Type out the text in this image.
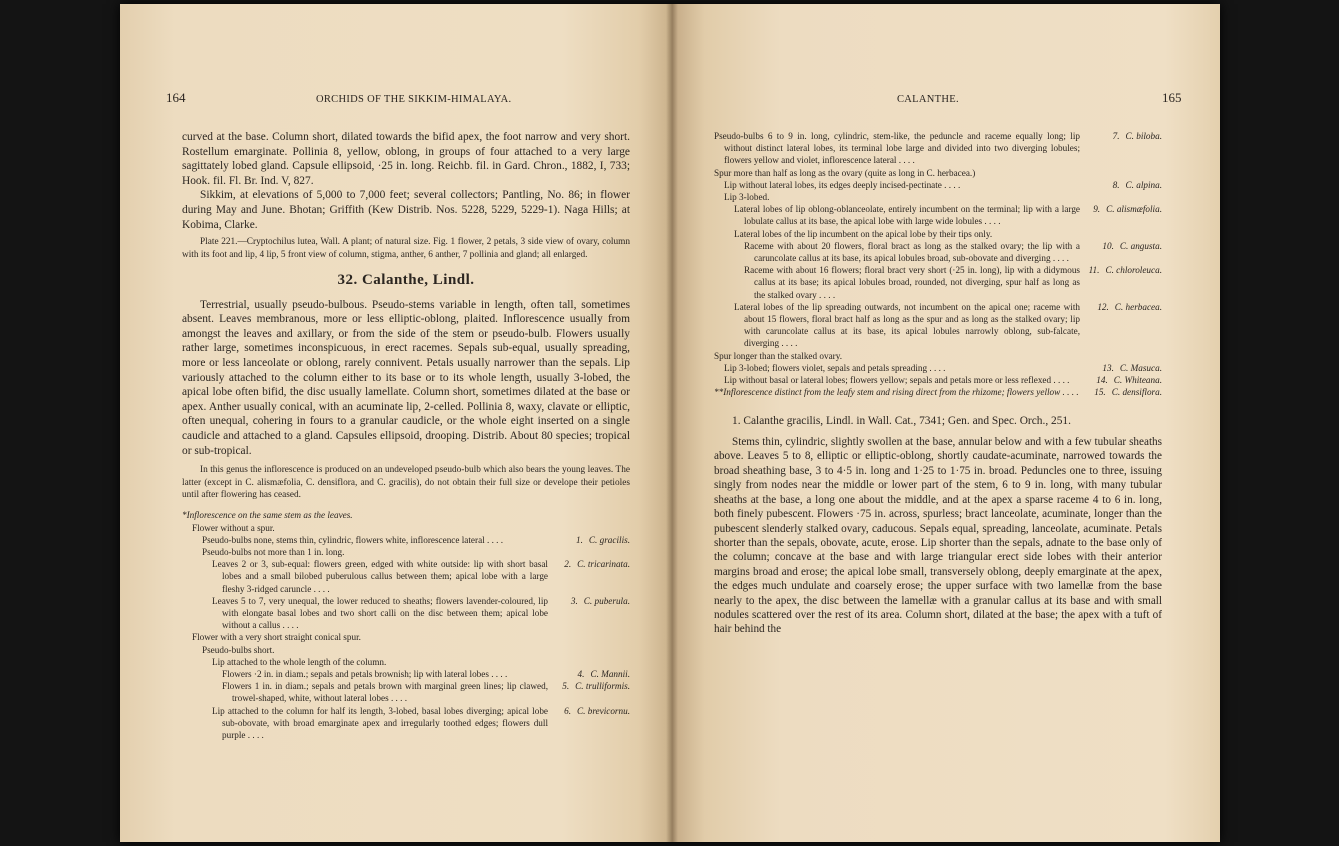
164	ORCHIDS OF THE SIKKIM-HIMALAYA.

curved at the base. Column short, dilated towards the bifid apex, the foot narrow and very short. Rostellum emarginate. Pollinia 8, yellow, oblong, in groups of four attached to a very large sagittately lobed gland. Capsule ellipsoid, ·25 in. long. Reichb. fil. in Gard. Chron., 1882, I, 733; Hook. fil. Fl. Br. Ind. V, 827.

Sikkim, at elevations of 5,000 to 7,000 feet; several collectors; Pantling, No. 86; in flower during May and June. Bhotan; Griffith (Kew Distrib. Nos. 5228, 5229, 5229-1). Naga Hills; at Kobima, Clarke.

Plate 221.—Cryptochilus lutea, Wall. A plant; of natural size. Fig. 1 flower, 2 petals, 3 side view of ovary, column with its foot and lip, 4 lip, 5 front view of column, stigma, anther, 6 anther, 7 pollinia and gland; all enlarged.

32. Calanthe, Lindl.

Terrestrial, usually pseudo-bulbous. Pseudo-stems variable in length, often tall, sometimes absent. Leaves membranous, more or less elliptic-oblong, plaited. Inflorescence usually from amongst the leaves and axillary, or from the side of the stem or pseudo-bulb. Flowers usually rather large, sometimes inconspicuous, in erect racemes. Sepals sub-equal, usually spreading, more or less lanceolate or oblong, rarely connivent. Petals usually narrower than the sepals. Lip variously attached to the column either to its base or to its whole length, usually 3-lobed, the apical lobe often bifid, the disc usually lamellate. Column short, sometimes dilated at the base or apex. Anther usually conical, with an acuminate lip, 2-celled. Pollinia 8, waxy, clavate or elliptic, often unequal, cohering in fours to a granular caudicle, or the whole eight inserted on a single caudicle and attached to a gland. Capsules ellipsoid, drooping. Distrib. About 80 species; tropical or sub-tropical.

In this genus the inflorescence is produced on an undeveloped pseudo-bulb which also bears the young leaves. The latter (except in C. alismæfolia, C. densiflora, and C. gracilis), do not obtain their full size or develope their petioles until after flowering has ceased.

*Inflorescence on the same stem as the leaves.
Flower without a spur.
Pseudo-bulbs none, stems thin, cylindric, flowers white, inflorescence lateral . . . .	1. C. gracilis.
Pseudo-bulbs not more than 1 in. long.
Leaves 2 or 3, sub-equal: flowers green, edged with white outside: lip with short basal lobes and a small bilobed puberulous callus between them; apical lobe with a large fleshy 3-ridged caruncle . . . .
2. C. tricarinata.
Leaves 5 to 7, very unequal, the lower reduced to sheaths; flowers lavender-coloured, lip with elongate basal lobes and two short calli on the disc between them; apical lobe without a callus . . . .
3. C. puberula.
Flower with a very short straight conical spur.
Pseudo-bulbs short.
Lip attached to the whole length of the column.
Flowers ·2 in. in diam.; sepals and petals brownish; lip with lateral lobes . . . .	4. C. Mannii.
Flowers 1 in. in diam.; sepals and petals brown with marginal green lines; lip clawed, trowel-shaped, white, without lateral lobes . . . .
5. C. trulliformis.
Lip attached to the column for half its length, 3-lobed, basal lobes diverging; apical lobe sub-obovate, with broad emarginate apex and irregularly toothed edges; flowers dull purple . . . .
6. C. brevicornu.
CALANTHE.	165
Pseudo-bulbs 6 to 9 in. long, cylindric, stem-like, the peduncle and raceme equally long; lip without distinct lateral lobes, its terminal lobe large and divided into two diverging lobules; flowers yellow and violet, inflorescence lateral . . . .
7. C. biloba.
Spur more than half as long as the ovary (quite as long in C. herbacea.)
Lip without lateral lobes, its edges deeply incised-pectinate . . . .	8. C. alpina.
Lip 3-lobed.
Lateral lobes of lip oblong-oblanceolate, entirely incumbent on the terminal; lip with a large lobulate callus at its base, the apical lobe with large wide lobules . . . .
9. C. alismæfolia.
Lateral lobes of the lip incumbent on the apical lobe by their tips only.
Raceme with about 20 flowers, floral bract as long as the stalked ovary; the lip with a caruncolate callus at its base, its apical lobules broad, sub-obovate and diverging . . . .
10. C. angusta.
Raceme with about 16 flowers; floral bract very short (·25 in. long), lip with a didymous callus at its base; its apical lobules broad, rounded, not diverging, spur half as long as the stalked ovary . . . .
11. C. chloroleuca.
Lateral lobes of the lip spreading outwards, not incumbent on the apical one; raceme with about 15 flowers, floral bract half as long as the spur and as long as the stalked ovary; lip with caruncolate callus at its base, its apical lobules narrowly oblong, sub-falcate, diverging . . . .
12. C. herbacea.
Spur longer than the stalked ovary.
Lip 3-lobed; flowers violet, sepals and petals spreading . . . .	13. C. Masuca.
Lip without basal or lateral lobes; flowers yellow; sepals and petals more or less reflexed . . . .	14. C. Whiteana.
**Inflorescence distinct from the leafy stem and rising direct from the rhizome; flowers yellow . . . . 15. C. densiflora.

1. Calanthe gracilis, Lindl. in Wall. Cat., 7341; Gen. and Spec. Orch., 251.

Stems thin, cylindric, slightly swollen at the base, annular below and with a few tubular sheaths above. Leaves 5 to 8, elliptic or elliptic-oblong, shortly caudate-acuminate, narrowed towards the broad sheathing base, 3 to 4·5 in. long and 1·25 to 1·75 in. broad. Peduncles one to three, issuing singly from nodes near the middle or lower part of the stem, 6 to 9 in. long, with many tubular sheaths at the base, a long one about the middle, and at the apex a sparse raceme 4 to 6 in. long, both finely pubescent. Flowers ·75 in. across, spurless; bract lanceolate, acuminate, longer than the pubescent slenderly stalked ovary, caducous. Sepals equal, spreading, lanceolate, acuminate. Petals shorter than the sepals, obovate, acute, erose. Lip shorter than the sepals, adnate to the base only of the column; concave at the base and with large triangular erect side lobes with their anterior margins broad and erose; the apical lobe small, transversely oblong, deeply emarginate at the apex, the edges much undulate and coarsely erose; the upper surface with two lamellæ from the base nearly to the apex, the disc between the lamellæ with a granular callus at its base and with small nodules scattered over the rest of its area. Column short, dilated at the base; the apex with a tuft of hair behind the
